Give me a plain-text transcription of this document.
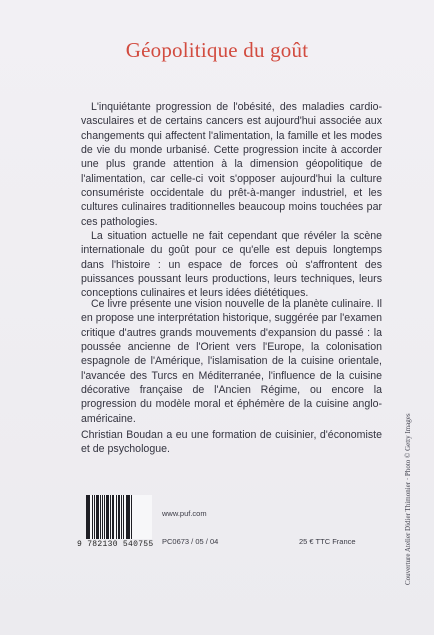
Géopolitique du goût

L'inquiétante progression de l'obésité, des maladies cardio-vasculaires et de certains cancers est aujourd'hui associée aux changements qui affectent l'alimentation, la famille et les modes de vie du monde urbanisé. Cette progression incite à accorder une plus grande attention à la dimension géopolitique de l'alimentation, car celle-ci voit s'opposer aujourd'hui la culture consumériste occidentale du prêt-à-manger industriel, et les cultures culinaires traditionnelles beaucoup moins touchées par ces pathologies.

La situation actuelle ne fait cependant que révéler la scène internationale du goût pour ce qu'elle est depuis longtemps dans l'histoire : un espace de forces où s'affrontent des puissances poussant leurs productions, leurs techniques, leurs conceptions culinaires et leurs idées diététiques.

Ce livre présente une vision nouvelle de la planète culinaire. Il en propose une interprétation historique, suggérée par l'examen critique d'autres grands mouvements d'expansion du passé : la poussée ancienne de l'Orient vers l'Europe, la colonisation espagnole de l'Amérique, l'islamisation de la cuisine orientale, l'avancée des Turcs en Méditerranée, l'influence de la cuisine décorative française de l'Ancien Régime, ou encore la progression du modèle moral et éphémère de la cuisine anglo-américaine.

Christian Boudan a eu une formation de cuisinier, d'économiste et de psychologue.

9 782130 540755
www.puf.com
PC0673 / 05 / 04	25 € TTC France	Couverture Atelier Didier Thimonier · Photo © Getty Images
